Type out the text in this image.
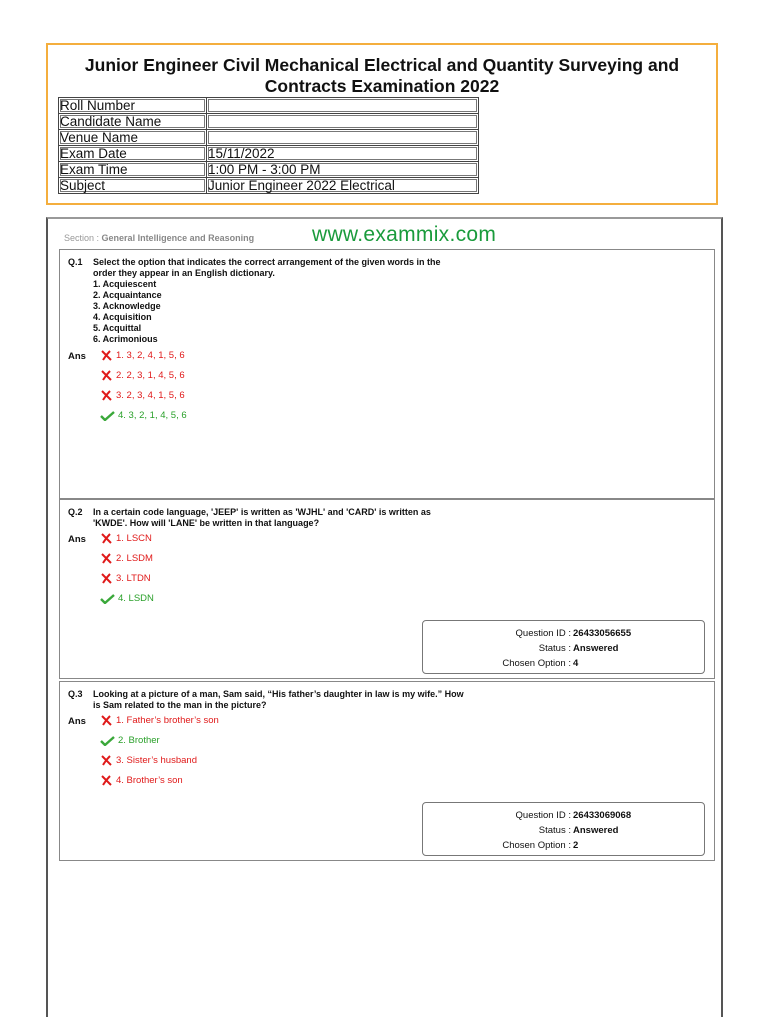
Junior Engineer Civil Mechanical Electrical and Quantity Surveying and
Contracts Examination 2022
Roll Number	
Candidate Name	
Venue Name	
Exam Date	15/11/2022
Exam Time	1:00 PM - 3:00 PM
Subject	Junior Engineer 2022 Electrical
Section : General Intelligence and Reasoning	www.exammix.com
Q.1 Select the option that indicates the correct arrangement of the given words in the
order they appear in an English dictionary.
1. Acquiescent
2. Acquaintance
3. Acknowledge
4. Acquisition
5. Acquittal
6. Acrimonious
Ans	1. 3, 2, 4, 1, 5, 6
2. 2, 3, 1, 4, 5, 6
3. 2, 3, 4, 1, 5, 6
4. 3, 2, 1, 4, 5, 6
Q.2 In a certain code language, 'JEEP' is written as 'WJHL' and 'CARD' is written as
'KWDE'. How will 'LANE' be written in that language?
Ans	1. LSCN
2. LSDM
3. LTDN
4. LSDN
Question ID : 26433056655
Status : Answered
Chosen Option : 4
Q.3 Looking at a picture of a man, Sam said, “His father’s daughter in law is my wife.” How
is Sam related to the man in the picture?
Ans	1. Father’s brother’s son
2. Brother
3. Sister’s husband
4. Brother’s son
Question ID : 26433069068
Status : Answered
Chosen Option : 2
